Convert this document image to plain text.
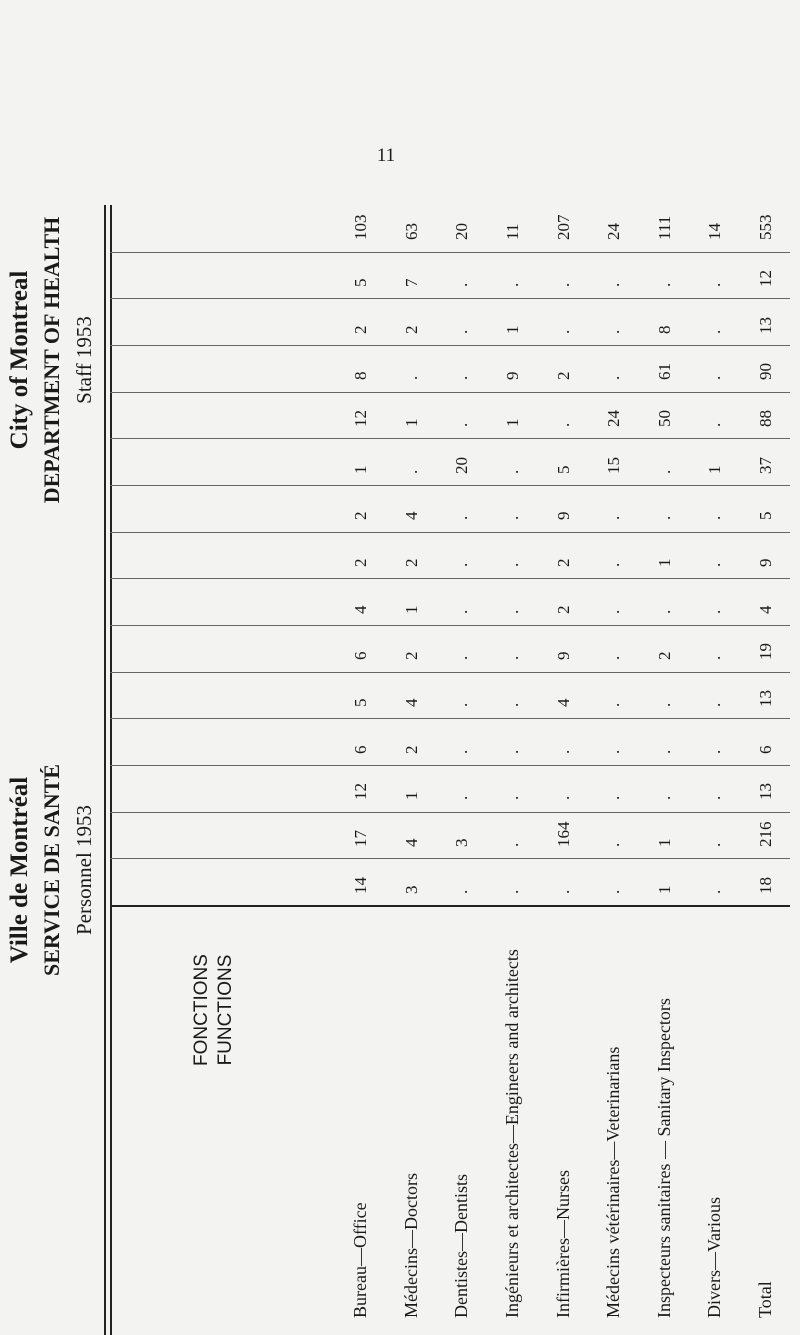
11
Ville de Montréal SERVICE DE SANTÉ Personnel 1953
City of Montreal DEPARTMENT OF HEALTH Staff 1953
14 3 . . . . 1 . 18
17 4 3 . 164 . 1 . 216
12 1 . . . . . . 13
6 2 . . . . . . 6
5 4 . . 4 . . . 13
6 2 . . 9 . 2 . 19
4 1 . . 2 . . . 4
2 2 . . 2 . 1 . 9
2 4 . . 9 . . . 5
1 . 20 . 5 15 . 1 37
12 1 . 1 . 24 50 . 88
8 . . 9 2 . 61 . 90
2 2 . 1 . . 8 . 13
5 7 . . . . . . 12
103 63 20 11 207 24 111 14 553
Bureau—Office Médecins—Doctors Dentistes—Dentists Ingénieurs et architectes—Engineers and architects Infirmières—Nurses Médecins vétérinaires—Veterinarians Inspecteurs sanitaires — Sanitary Inspectors Divers—Various Total
FONCTIONS FUNCTIONS
